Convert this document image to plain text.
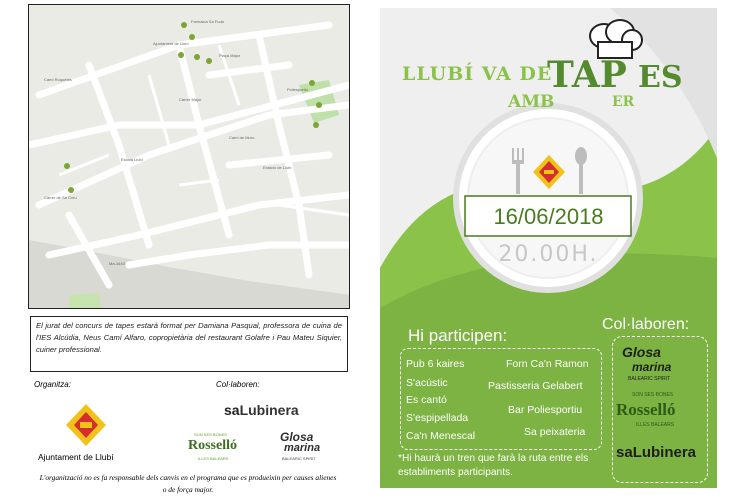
Farmàcia Sa Fuda
Ajuntament de Llubí
Plaça Major
Escola Llubí
Camí Roquetes
Carrer Major
Poliesportiu
Camí de Muro
Estació de Llubí
Carrer de Sa Creu
Ma-3440
El jurat del concurs de tapes estarà format per Damiana Pasqual, professora de cuina de l'IES Alcúdia, Neus Camí Alfaro, copropietària del restaurant Golafre i Pau Mateu Siquier, cuiner professional.
Organitza:	Col·laboren:
Ajuntament de Llubí
saLubinera
SON SES BONES
Rosselló
ILLES BALEARS
Glosa
marina
BALEARIC SPIRIT
L'organització no es fa responsable dels canvis en el programa que es produeixin per causes alienes o de força major.
LLUBÍ VA DE
TAP ES
AMB	ER
16/06/2018
20.00H.
Hi participen:
Col·laboren:
Pub 6 kaires
S'acústic
Es cantó
S'espipellada
Ca'n Menescal
Forn Ca'n Ramon
Pastisseria Gelabert
Bar Poliesportiu
Sa peixateria
*Hi haurà un tren que farà la ruta entre els establiments participants.
Glosa
marina
BALEARIC SPIRIT
SON SES BONES
Rosselló
ILLES BALEARS
saLubinera
